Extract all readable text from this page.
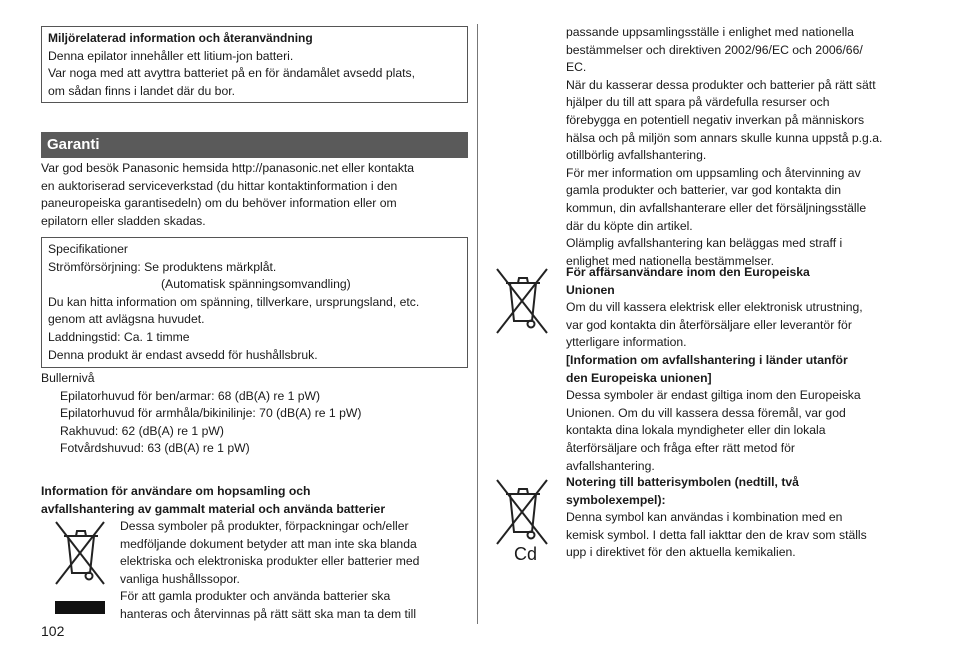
Miljörelaterad information och återanvändning
Denna epilator innehåller ett litium-jon batteri.
Var noga med att avyttra batteriet på en för ändamålet avsedd plats,
om sådan finns i landet där du bor.
Garanti
Var god besök Panasonic hemsida http://panasonic.net eller kontakta
en auktoriserad serviceverkstad (du hittar kontaktinformation i den
paneuropeiska garantisedeln) om du behöver information eller om
epilatorn eller sladden skadas.
Specifikationer
Strömförsörjning: Se produktens märkplåt.
(Automatisk spänningsomvandling)
Du kan hitta information om spänning, tillverkare, ursprungsland, etc.
genom att avlägsna huvudet.
Laddningstid: Ca. 1 timme
Denna produkt är endast avsedd för hushållsbruk.
Bullernivå
Epilatorhuvud för ben/armar: 68 (dB(A) re 1 pW)
Epilatorhuvud för armhåla/bikinilinje: 70 (dB(A) re 1 pW)
Rakhuvud: 62 (dB(A) re 1 pW)
Fotvårdshuvud: 63 (dB(A) re 1 pW)
Information för användare om hopsamling och
avfallshantering av gammalt material och använda batterier
Dessa symboler på produkter, förpackningar och/eller
medföljande dokument betyder att man inte ska blanda
elektriska och elektroniska produkter eller batterier med
vanliga hushållssopor.
För att gamla produkter och använda batterier ska
hanteras och återvinnas på rätt sätt ska man ta dem till
102
passande uppsamlingsställe i enlighet med nationella
bestämmelser och direktiven 2002/96/EC och 2006/66/
EC.
När du kasserar dessa produkter och batterier på rätt sätt
hjälper du till att spara på värdefulla resurser och
förebygga en potentiell negativ inverkan på människors
hälsa och på miljön som annars skulle kunna uppstå p.g.a.
otillbörlig avfallshantering.
För mer information om uppsamling och återvinning av
gamla produkter och batterier, var god kontakta din
kommun, din avfallshanterare eller det försäljningsställe
där du köpte din artikel.
Olämplig avfallshantering kan beläggas med straff i
enlighet med nationella bestämmelser.
För affärsanvändare inom den Europeiska
Unionen
Om du vill kassera elektrisk eller elektronisk utrustning,
var god kontakta din återförsäljare eller leverantör för
ytterligare information.
[Information om avfallshantering i länder utanför
den Europeiska unionen]
Dessa symboler är endast giltiga inom den Europeiska
Unionen. Om du vill kassera dessa föremål, var god
kontakta dina lokala myndigheter eller din lokala
återförsäljare och fråga efter rätt metod för
avfallshantering.
Cd
Notering till batterisymbolen (nedtill, två
symbolexempel):
Denna symbol kan användas i kombination med en
kemisk symbol. I detta fall iakttar den de krav som ställs
upp i direktivet för den aktuella kemikalien.
